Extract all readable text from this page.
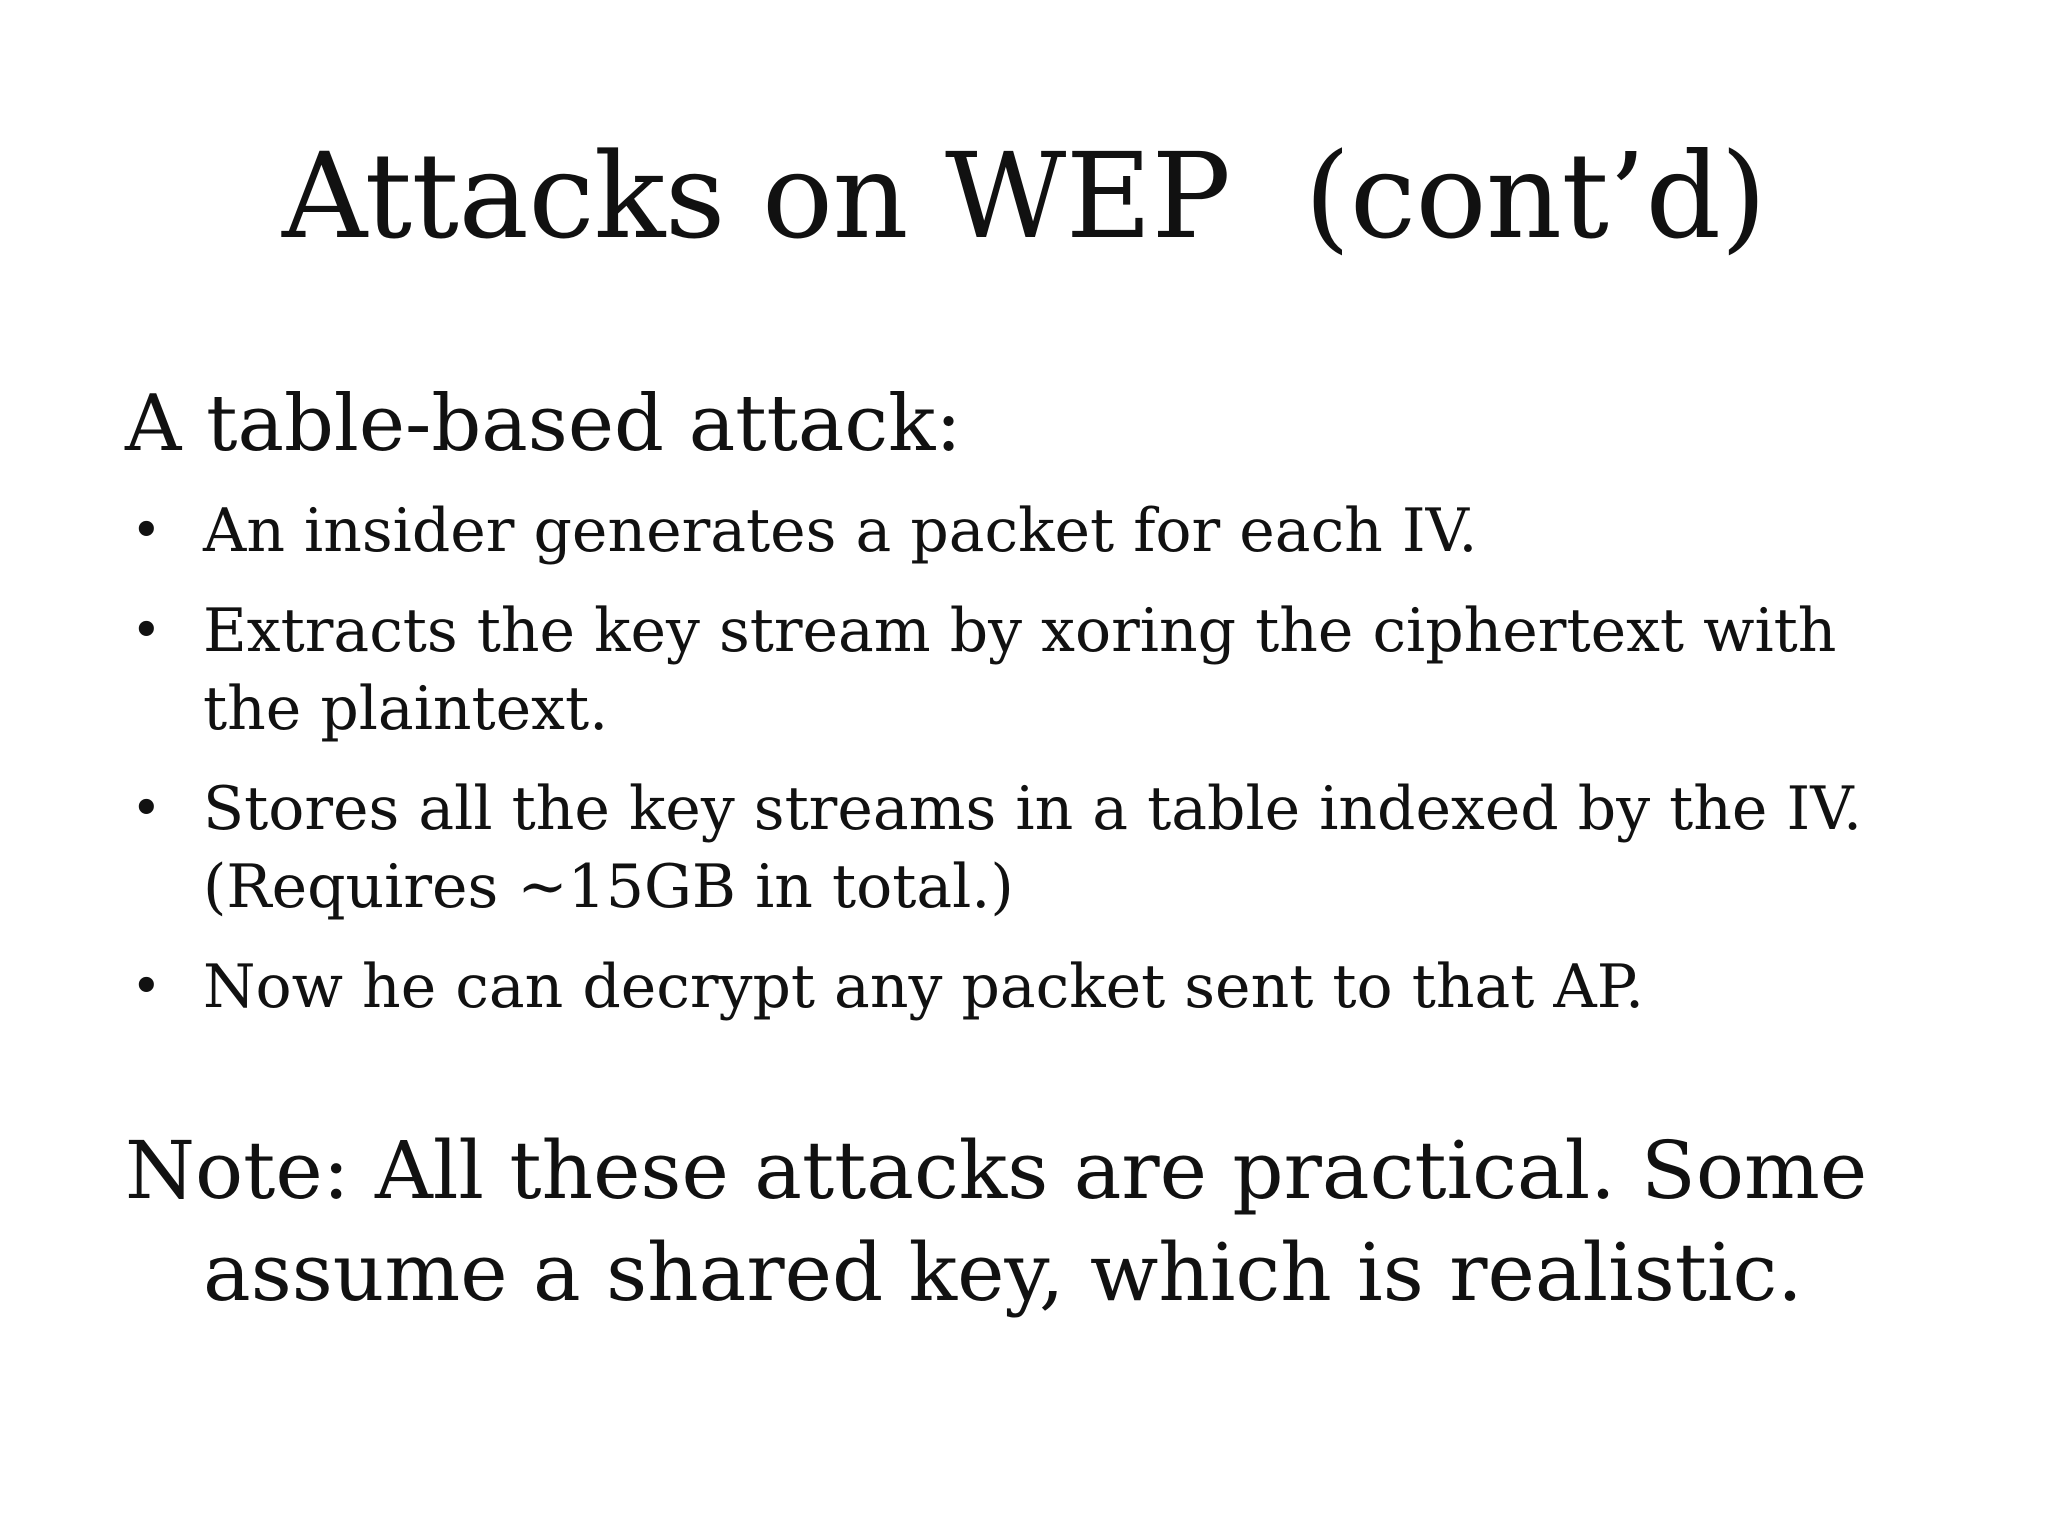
Attacks on WEP  (cont’d)
A table-based attack:
• An insider generates a packet for each IV.
• Extracts the key stream by xoring the ciphertext with the plaintext.
• Stores all the key streams in a table indexed by the IV. (Requires ~15GB in total.)
• Now he can decrypt any packet sent to that AP.
Note: All these attacks are practical. Some assume a shared key, which is realistic.
